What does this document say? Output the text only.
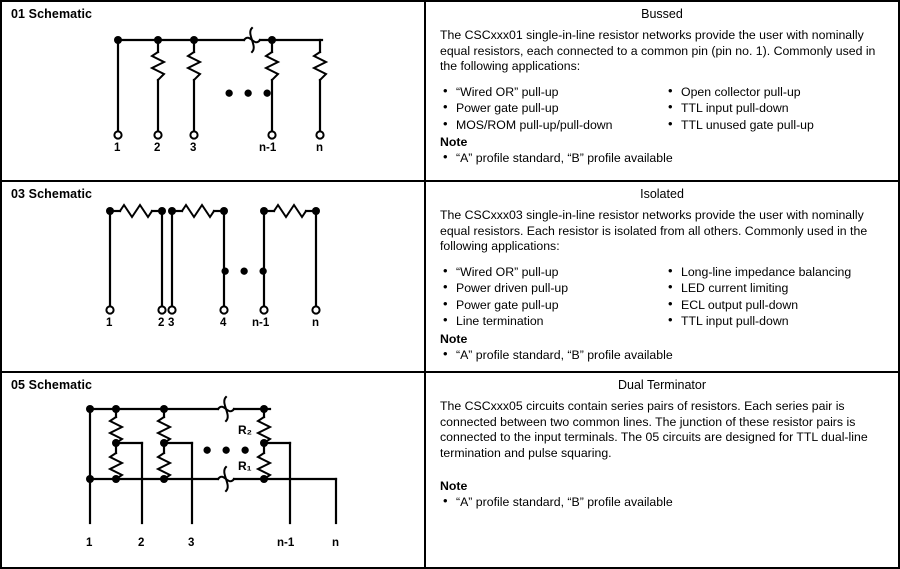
01 Schematic
● ● ●
1	2	3	n-1	n
Bussed
The CSCxxx01 single-in-line resistor networks provide the user with nominally equal resistors, each connected to a common pin (pin no. 1). Commonly used in the following applications:
• “Wired OR” pull-up
• Power gate pull-up
• MOS/ROM pull-up/pull-down
• Open collector pull-up
• TTL input pull-down
• TTL unused gate pull-up
Note
• “A” profile standard, “B” profile available
03 Schematic
● ● ●
1	2 3	4 n-1	n
Isolated
The CSCxxx03 single-in-line resistor networks provide the user with nominally equal resistors. Each resistor is isolated from all others. Commonly used in the following applications:
• “Wired OR” pull-up
• Power driven pull-up
• Power gate pull-up
• Line termination
• Long-line impedance balancing
• LED current limiting
• ECL output pull-down
• TTL input pull-down
Note
• “A” profile standard, “B” profile available
05 Schematic
● ● ●
R₂
R₁
1	2	3	n-1	n
Dual Terminator
The CSCxxx05 circuits contain series pairs of resistors. Each series pair is connected between two common lines. The junction of these resistor pairs is connected to the input terminals. The 05 circuits are designed for TTL dual-line termination and pulse squaring.
Note
• “A” profile standard, “B” profile available
